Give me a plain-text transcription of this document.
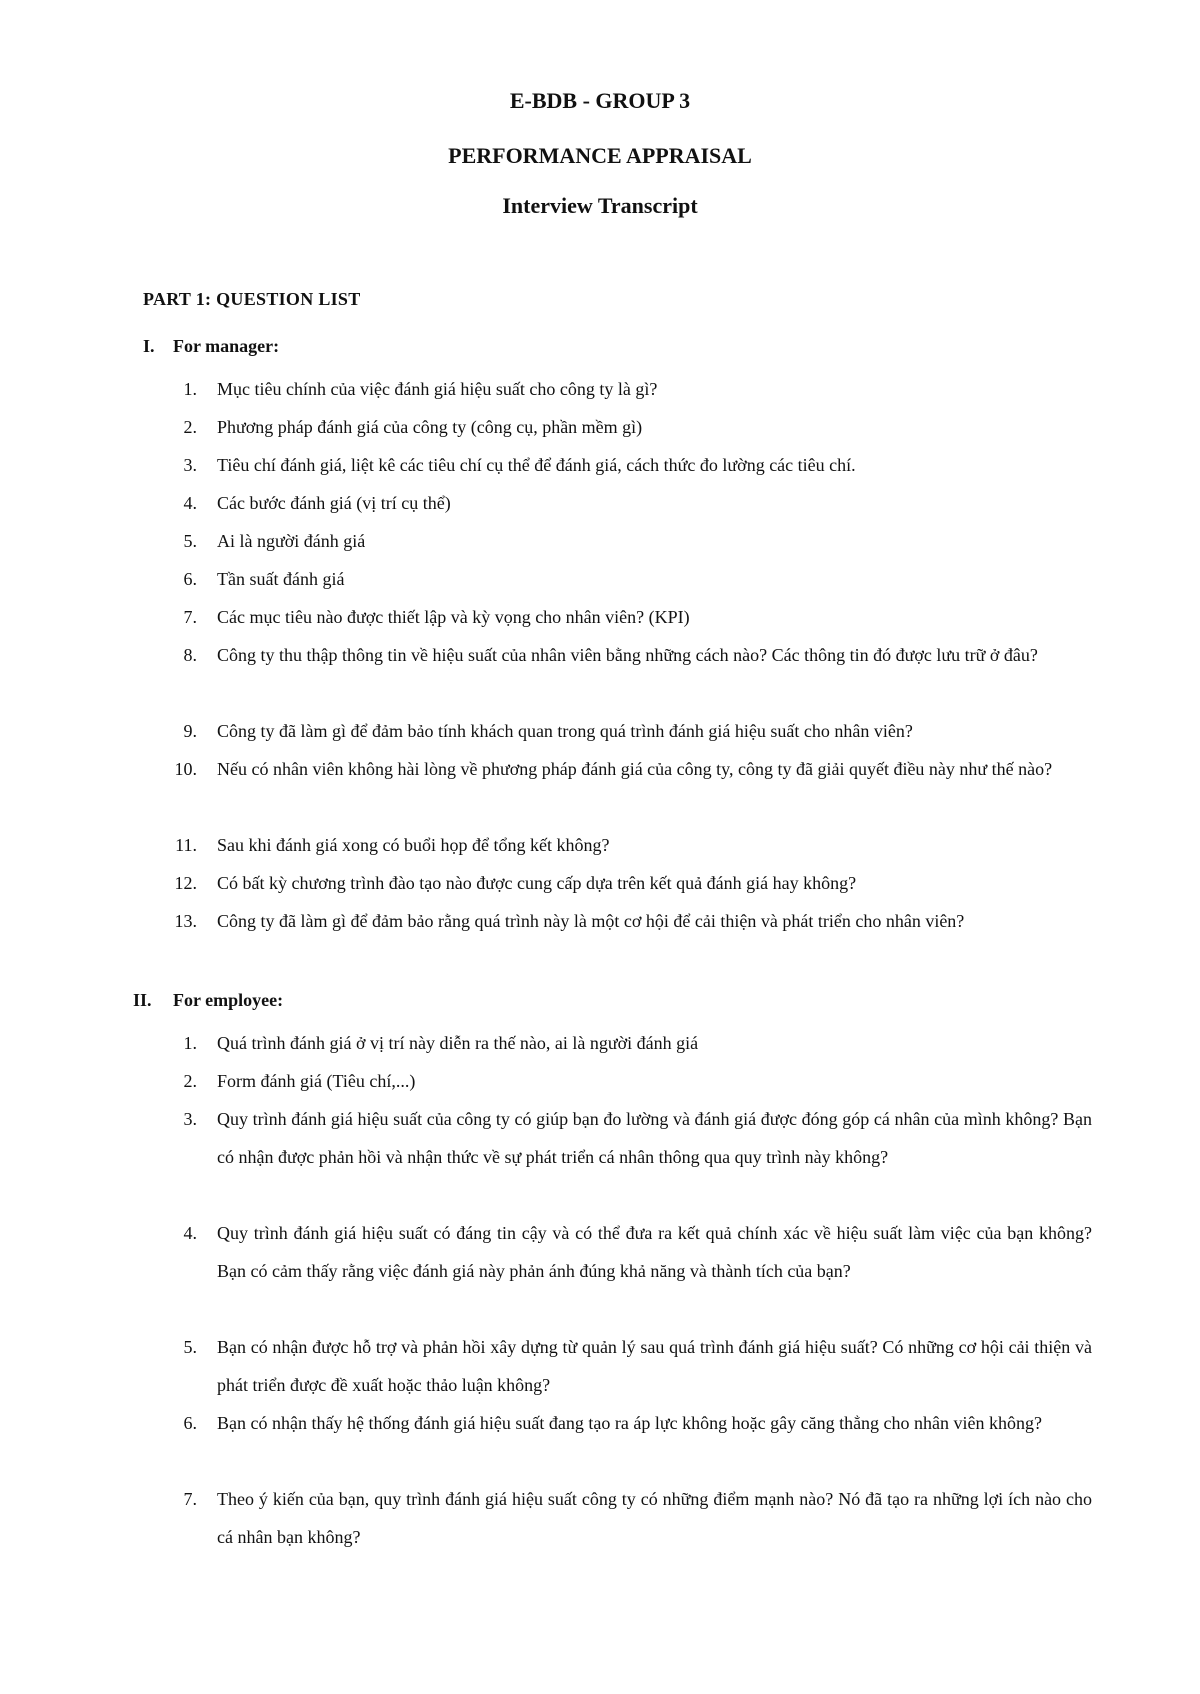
E-BDB - GROUP 3
PERFORMANCE APPRAISAL
Interview Transcript
PART 1: QUESTION LIST
I. For manager:
1. Mục tiêu chính của việc đánh giá hiệu suất cho công ty là gì?
2. Phương pháp đánh giá của công ty (công cụ, phần mềm gì)
3. Tiêu chí đánh giá, liệt kê các tiêu chí cụ thể để đánh giá, cách thức đo lường các tiêu chí.
4. Các bước đánh giá (vị trí cụ thể)
5. Ai là người đánh giá
6. Tần suất đánh giá
7. Các mục tiêu nào được thiết lập và kỳ vọng cho nhân viên? (KPI)
8. Công ty thu thập thông tin về hiệu suất của nhân viên bằng những cách nào? Các thông tin đó được lưu trữ ở đâu?
9. Công ty đã làm gì để đảm bảo tính khách quan trong quá trình đánh giá hiệu suất cho nhân viên?
10. Nếu có nhân viên không hài lòng về phương pháp đánh giá của công ty, công ty đã giải quyết điều này như thế nào?
11. Sau khi đánh giá xong có buổi họp để tổng kết không?
12. Có bất kỳ chương trình đào tạo nào được cung cấp dựa trên kết quả đánh giá hay không?
13. Công ty đã làm gì để đảm bảo rằng quá trình này là một cơ hội để cải thiện và phát triển cho nhân viên?
II. For employee:
1. Quá trình đánh giá ở vị trí này diễn ra thế nào, ai là người đánh giá
2. Form đánh giá (Tiêu chí,...)
3. Quy trình đánh giá hiệu suất của công ty có giúp bạn đo lường và đánh giá được đóng góp cá nhân của mình không? Bạn có nhận được phản hồi và nhận thức về sự phát triển cá nhân thông qua quy trình này không?
4. Quy trình đánh giá hiệu suất có đáng tin cậy và có thể đưa ra kết quả chính xác về hiệu suất làm việc của bạn không? Bạn có cảm thấy rằng việc đánh giá này phản ánh đúng khả năng và thành tích của bạn?
5. Bạn có nhận được hỗ trợ và phản hồi xây dựng từ quản lý sau quá trình đánh giá hiệu suất? Có những cơ hội cải thiện và phát triển được đề xuất hoặc thảo luận không?
6. Bạn có nhận thấy hệ thống đánh giá hiệu suất đang tạo ra áp lực không hoặc gây căng thẳng cho nhân viên không?
7. Theo ý kiến của bạn, quy trình đánh giá hiệu suất công ty có những điểm mạnh nào? Nó đã tạo ra những lợi ích nào cho cá nhân bạn không?
